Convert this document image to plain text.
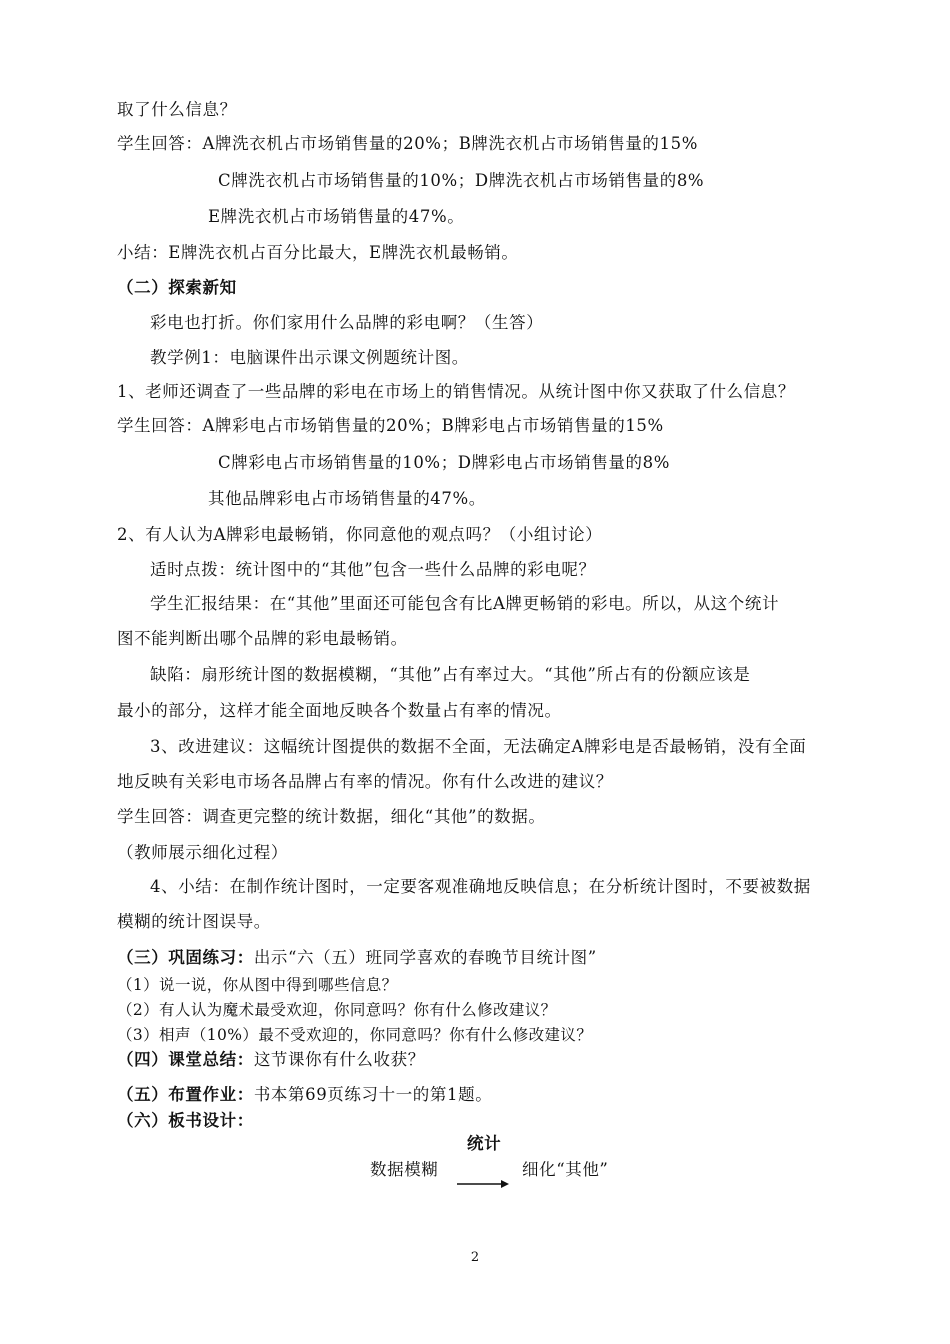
取了什么信息？
学生回答：A牌洗衣机占市场销售量的20%；B牌洗衣机占市场销售量的15%
C牌洗衣机占市场销售量的10%；D牌洗衣机占市场销售量的8%
E牌洗衣机占市场销售量的47%。
小结：E牌洗衣机占百分比最大，E牌洗衣机最畅销。
（二）探索新知
彩电也打折。你们家用什么品牌的彩电啊？（生答）
教学例1：电脑课件出示课文例题统计图。
1、老师还调查了一些品牌的彩电在市场上的销售情况。从统计图中你又获取了什么信息？
学生回答：A牌彩电占市场销售量的20%；B牌彩电占市场销售量的15%
C牌彩电占市场销售量的10%；D牌彩电占市场销售量的8%
其他品牌彩电占市场销售量的47%。
2、有人认为A牌彩电最畅销，你同意他的观点吗？（小组讨论）
适时点拨：统计图中的“其他”包含一些什么品牌的彩电呢？
学生汇报结果：在“其他”里面还可能包含有比A牌更畅销的彩电。所以，从这个统计
图不能判断出哪个品牌的彩电最畅销。
缺陷：扇形统计图的数据模糊，“其他”占有率过大。“其他”所占有的份额应该是
最小的部分，这样才能全面地反映各个数量占有率的情况。
3、改进建议：这幅统计图提供的数据不全面，无法确定A牌彩电是否最畅销，没有全面
地反映有关彩电市场各品牌占有率的情况。你有什么改进的建议？
学生回答：调查更完整的统计数据，细化“其他”的数据。
（教师展示细化过程）
4、小结：在制作统计图时，一定要客观准确地反映信息；在分析统计图时，不要被数据
模糊的统计图误导。
（三）巩固练习：出示“六（五）班同学喜欢的春晚节目统计图”
（1）说一说，你从图中得到哪些信息？
（2）有人认为魔术最受欢迎，你同意吗？你有什么修改建议？
（3）相声（10%）最不受欢迎的，你同意吗？你有什么修改建议？
（四）课堂总结：这节课你有什么收获？
（五）布置作业：书本第69页练习十一的第1题。
（六）板书设计：
统计
数据模糊	细化“其他”
2
